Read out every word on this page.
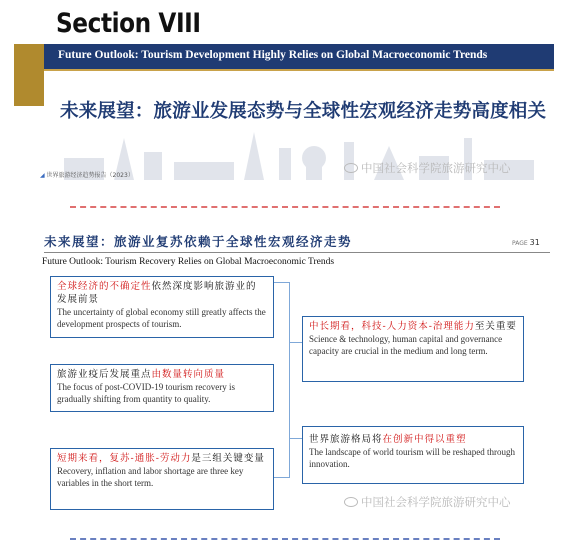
Section VIII
Future Outlook: Tourism Development Highly Relies on Global Macroeconomic Trends
未来展望：旅游业发展态势与全球性宏观经济走势高度相关
◢ 世界旅游经济趋势报告（2023）
中国社会科学院旅游研究中心
未来展望：旅游业复苏依赖于全球性宏观经济走势	PAGE 31
Future Outlook: Tourism Recovery Relies on Global Macroeconomic Trends
全球经济的不确定性依然深度影响旅游业的发展前景
The uncertainty of global economy still greatly affects the development prospects of tourism.
旅游业疫后发展重点由数量转向质量
The focus of post-COVID-19 tourism recovery is gradually shifting from quantity to quality.
短期来看，复苏-通胀-劳动力是三组关键变量
Recovery, inflation and labor shortage are three key variables in the short term.
中长期看，科技-人力资本-治理能力至关重要
Science & technology, human capital and governance capacity are crucial in the medium and long term.
世界旅游格局将在创新中得以重塑
The landscape of world tourism will be reshaped through innovation.
中国社会科学院旅游研究中心
